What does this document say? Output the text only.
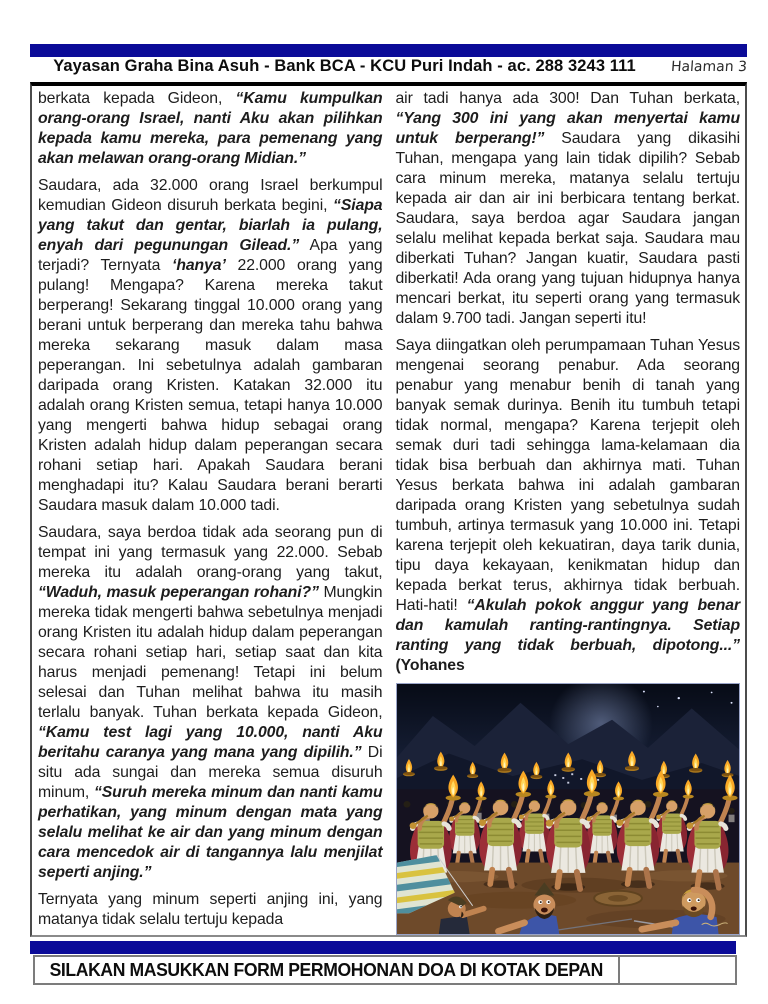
Yayasan Graha Bina Asuh - Bank BCA - KCU Puri Indah - ac. 288 3243 111	Halaman 3

berkata kepada Gideon, “Kamu kumpulkan orang-orang Israel, nanti Aku akan pilihkan kepada kamu mereka, para pemenang yang akan melawan orang-orang Midian.”

Saudara, ada 32.000 orang Israel berkumpul kemudian Gideon disuruh berkata begini, “Siapa yang takut dan gentar, biarlah ia pulang, enyah dari pegunungan Gilead.” Apa yang terjadi? Ternyata ‘hanya’ 22.000 orang yang pulang! Mengapa? Karena mereka takut berperang! Sekarang tinggal 10.000 orang yang berani untuk berperang dan mereka tahu bahwa mereka sekarang masuk dalam masa peperangan. Ini sebetulnya adalah gambaran daripada orang Kristen. Katakan 32.000 itu adalah orang Kristen semua, tetapi hanya 10.000 yang mengerti bahwa hidup sebagai orang Kristen adalah hidup dalam peperangan secara rohani setiap hari. Apakah Saudara berani menghadapi itu? Kalau Saudara berani berarti Saudara masuk dalam 10.000 tadi.

Saudara, saya berdoa tidak ada seorang pun di tempat ini yang termasuk yang 22.000. Sebab mereka itu adalah orang-orang yang takut, “Waduh, masuk peperangan rohani?” Mungkin mereka tidak mengerti bahwa sebetulnya menjadi orang Kristen itu adalah hidup dalam peperangan secara rohani setiap hari, setiap saat dan kita harus menjadi pemenang! Tetapi ini belum selesai dan Tuhan melihat bahwa itu masih terlalu banyak. Tuhan berkata kepada Gideon, “Kamu test lagi yang 10.000, nanti Aku beritahu caranya yang mana yang dipilih.” Di situ ada sungai dan mereka semua disuruh minum, “Suruh mereka minum dan nanti kamu perhatikan, yang minum dengan mata yang selalu melihat ke air dan yang minum dengan cara mencedok air di tangannya lalu menjilat seperti anjing.”

Ternyata yang minum seperti anjing ini, yang matanya tidak selalu tertuju kepada

air tadi hanya ada 300! Dan Tuhan berkata, “Yang 300 ini yang akan menyertai kamu untuk berperang!” Saudara yang dikasihi Tuhan, mengapa yang lain tidak dipilih? Sebab cara minum mereka, matanya selalu tertuju kepada air dan air ini berbicara tentang berkat. Saudara, saya berdoa agar Saudara jangan selalu melihat kepada berkat saja. Saudara mau diberkati Tuhan? Jangan kuatir, Saudara pasti diberkati! Ada orang yang tujuan hidupnya hanya mencari berkat, itu seperti orang yang termasuk dalam 9.700 tadi. Jangan seperti itu!

Saya diingatkan oleh perumpamaan Tuhan Yesus mengenai seorang penabur. Ada seorang penabur yang menabur benih di tanah yang banyak semak durinya. Benih itu tumbuh tetapi tidak normal, mengapa? Karena terjepit oleh semak duri tadi sehingga lama-kelamaan dia tidak bisa berbuah dan akhirnya mati. Tuhan Yesus berkata bahwa ini adalah gambaran daripada orang Kristen yang sebetulnya sudah tumbuh, artinya termasuk yang 10.000 ini. Tetapi karena terjepit oleh kekuatiran, daya tarik dunia, tipu daya kekayaan, kenikmatan hidup dan kepada berkat terus, akhirnya tidak berbuah. Hati-hati! “Akulah pokok anggur yang benar dan kamulah ranting-rantingnya. Setiap ranting yang tidak berbuah, dipotong...” (Yohanes

SILAKAN MASUKKAN FORM PERMOHONAN DOA DI KOTAK DEPAN
